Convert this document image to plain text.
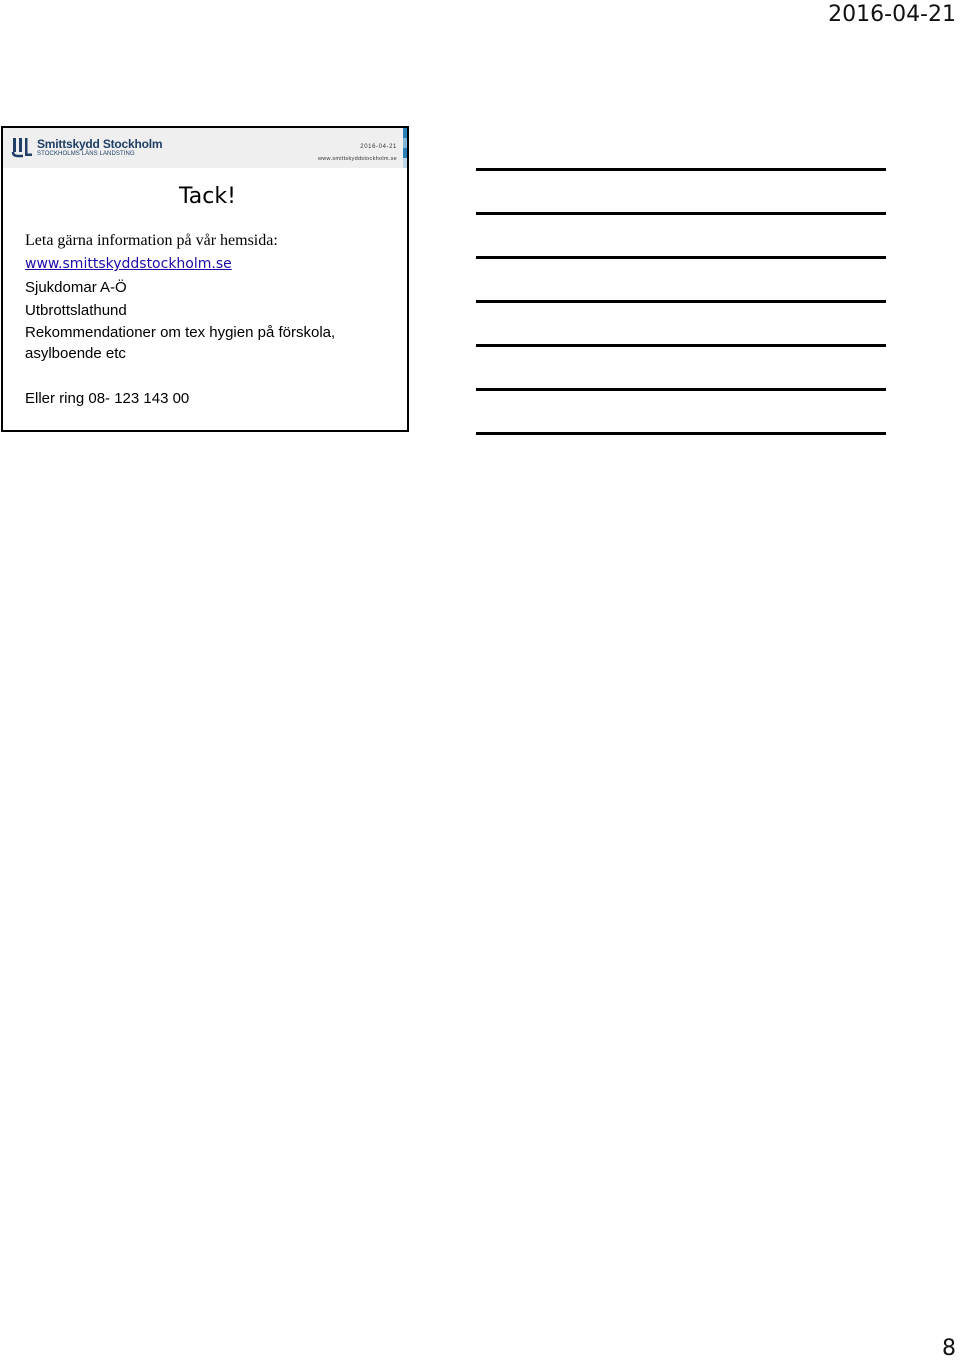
2016-04-21
Smittskydd Stockholm
STOCKHOLMS LÄNS LANDSTING
2016-04-21
www.smittskyddstockholm.se
Tack!
Leta gärna information på vår hemsida:
www.smittskyddstockholm.se
Sjukdomar A-Ö
Utbrottslathund
Rekommendationer om tex hygien på förskola, asylboende etc
Eller ring 08- 123 143 00
8
